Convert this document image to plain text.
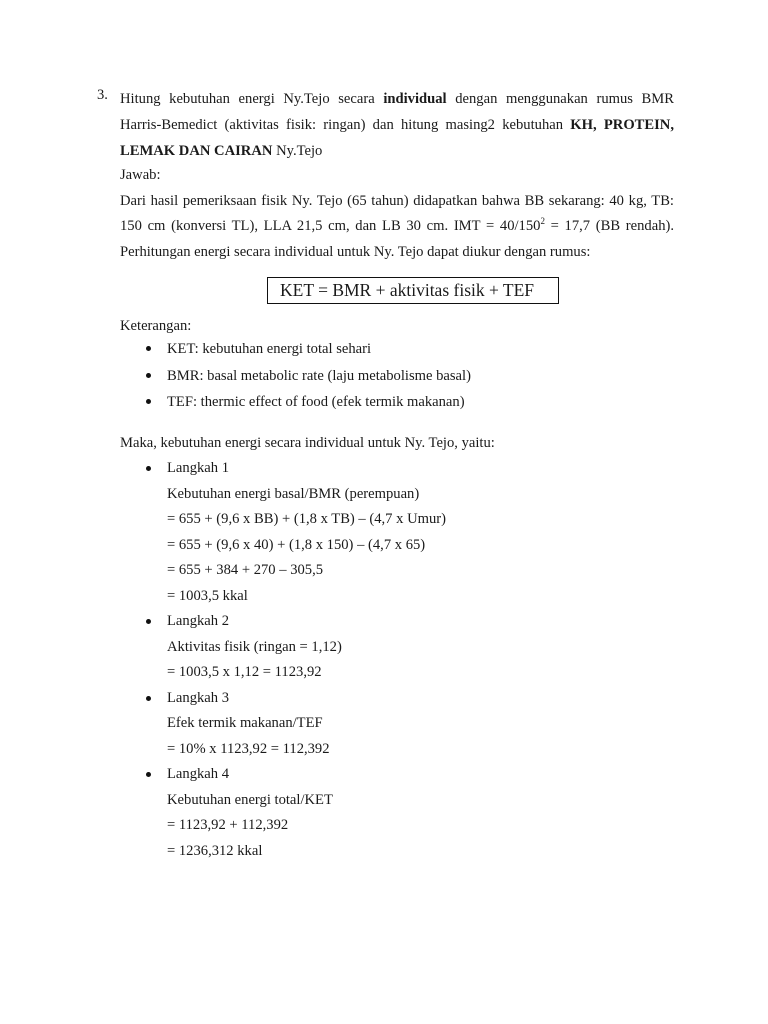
3. Hitung kebutuhan energi Ny.Tejo secara individual dengan menggunakan rumus BMR Harris-Bemedict (aktivitas fisik: ringan) dan hitung masing2 kebutuhan KH, PROTEIN, LEMAK DAN CAIRAN Ny.Tejo
Jawab:
Dari hasil pemeriksaan fisik Ny. Tejo (65 tahun) didapatkan bahwa BB sekarang: 40 kg, TB: 150 cm (konversi TL), LLA 21,5 cm, dan LB 30 cm. IMT = $40/150^2 = 17,7$ (BB rendah). Perhitungan energi secara individual untuk Ny. Tejo dapat diukur dengan rumus:
KET = BMR + aktivitas fisik + TEF
Keterangan:
KET: kebutuhan energi total sehari
BMR: basal metabolic rate (laju metabolisme basal)
TEF: thermic effect of food (efek termik makanan)
Maka, kebutuhan energi secara individual untuk Ny. Tejo, yaitu:
Langkah 1
Kebutuhan energi basal/BMR (perempuan)
= 655 + (9,6 x BB) + (1,8 x TB) – (4,7 x Umur)
= 655 + (9,6 x 40) + (1,8 x 150) – (4,7 x 65)
= 655 + 384 + 270 – 305,5
= 1003,5 kkal
Langkah 2
Aktivitas fisik (ringan = 1,12)
= 1003,5 x 1,12 = 1123,92
Langkah 3
Efek termik makanan/TEF
= 10% x 1123,92 = 112,392
Langkah 4
Kebutuhan energi total/KET
= 1123,92 + 112,392
= 1236,312 kkal
